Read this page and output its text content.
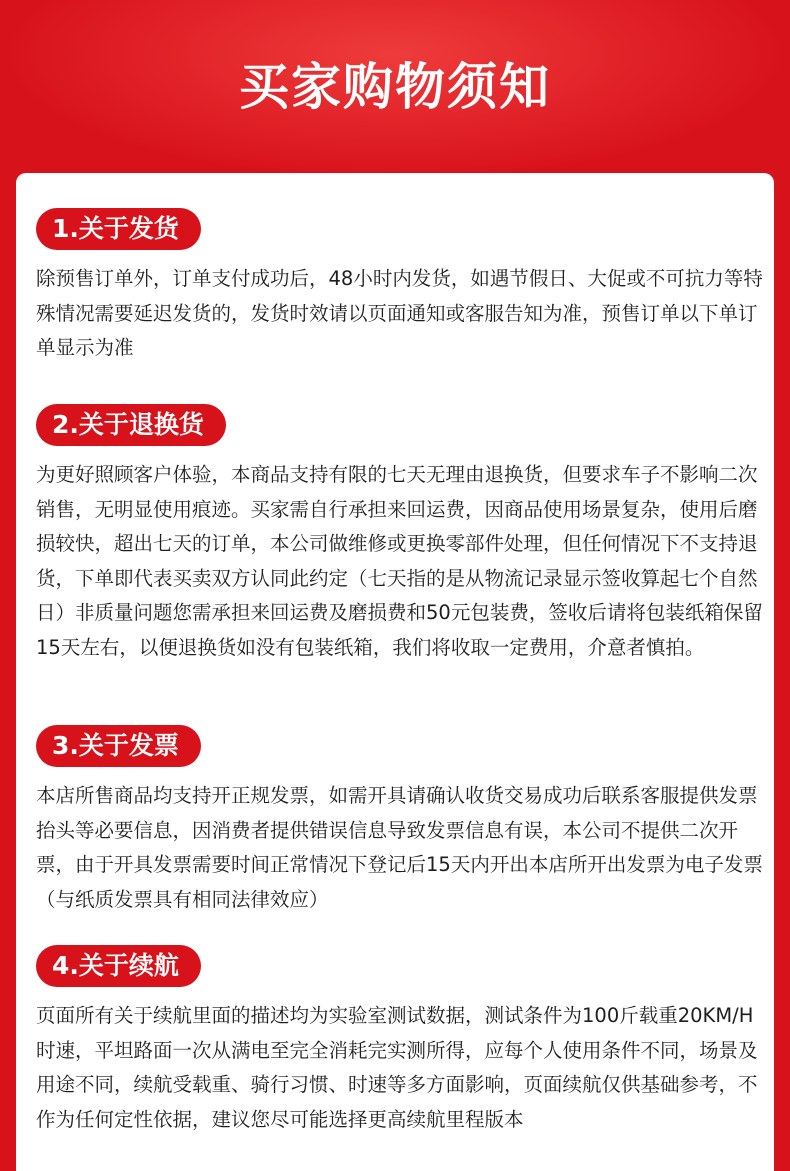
买家购物须知
1.关于发货
除预售订单外，订单支付成功后，48小时内发货，如遇节假日、大促或不可抗力等特殊情况需要延迟发货的，发货时效请以页面通知或客服告知为准，预售订单以下单订单显示为准
2.关于退换货
为更好照顾客户体验，本商品支持有限的七天无理由退换货，但要求车子不影响二次销售，无明显使用痕迹。买家需自行承担来回运费，因商品使用场景复杂，使用后磨损较快，超出七天的订单，本公司做维修或更换零部件处理，但任何情况下不支持退货，下单即代表买卖双方认同此约定（七天指的是从物流记录显示签收算起七个自然日）非质量问题您需承担来回运费及磨损费和50元包装费，签收后请将包装纸箱保留15天左右，以便退换货如没有包装纸箱，我们将收取一定费用，介意者慎拍。
3.关于发票
本店所售商品均支持开正规发票，如需开具请确认收货交易成功后联系客服提供发票抬头等必要信息，因消费者提供错误信息导致发票信息有误，本公司不提供二次开票，由于开具发票需要时间正常情况下登记后15天内开出本店所开出发票为电子发票（与纸质发票具有相同法律效应）
4.关于续航
页面所有关于续航里面的描述均为实验室测试数据，测试条件为100斤载重20KM/H时速，平坦路面一次从满电至完全消耗完实测所得，应每个人使用条件不同，场景及用途不同，续航受载重、骑行习惯、时速等多方面影响，页面续航仅供基础参考，不作为任何定性依据，建议您尽可能选择更高续航里程版本
